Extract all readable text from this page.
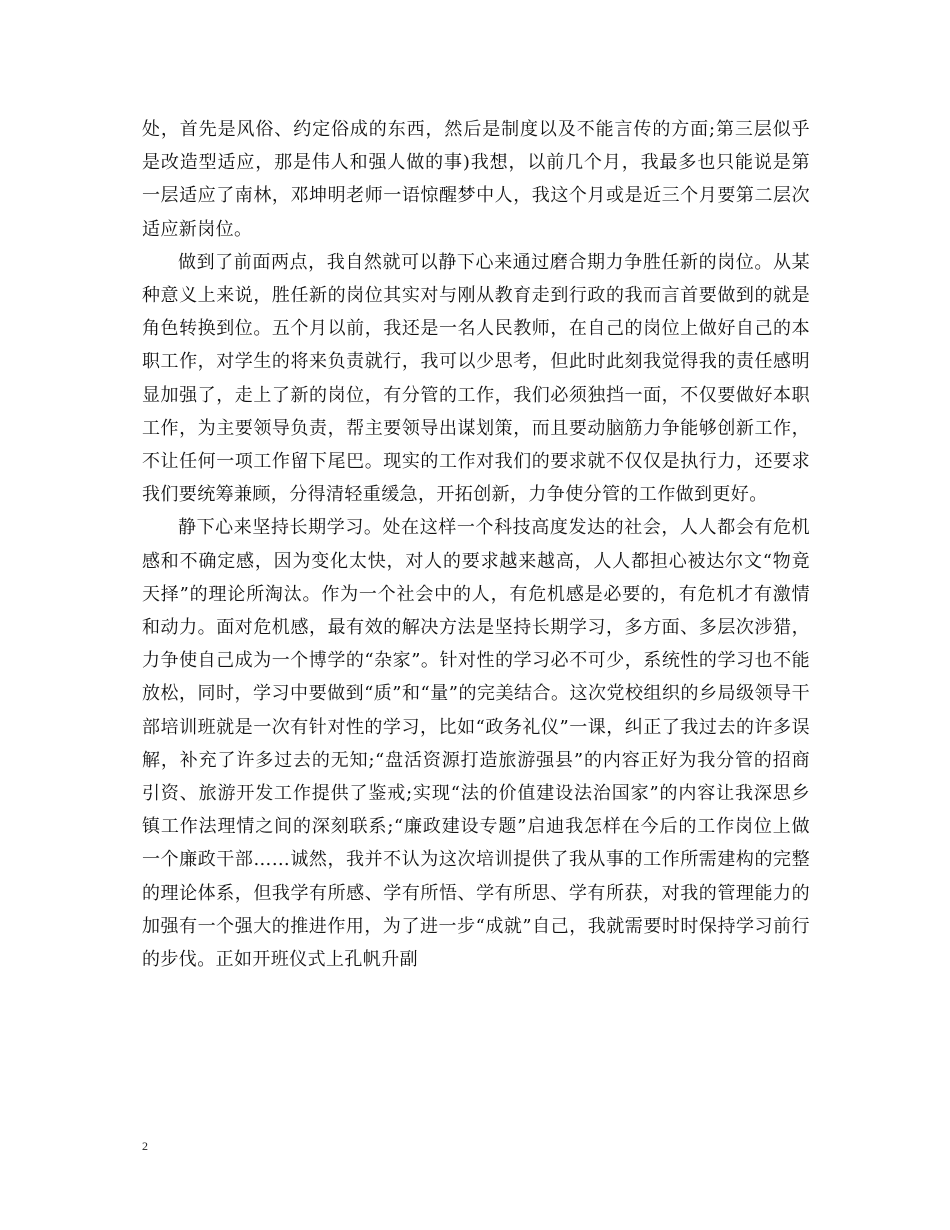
处，首先是风俗、约定俗成的东西，然后是制度以及不能言传的方面;第三层似乎是改造型适应，那是伟人和强人做的事)我想，以前几个月，我最多也只能说是第一层适应了南林，邓坤明老师一语惊醒梦中人，我这个月或是近三个月要第二层次适应新岗位。

做到了前面两点，我自然就可以静下心来通过磨合期力争胜任新的岗位。从某种意义上来说，胜任新的岗位其实对与刚从教育走到行政的我而言首要做到的就是角色转换到位。五个月以前，我还是一名人民教师，在自己的岗位上做好自己的本职工作，对学生的将来负责就行，我可以少思考，但此时此刻我觉得我的责任感明显加强了，走上了新的岗位，有分管的工作，我们必须独挡一面，不仅要做好本职工作，为主要领导负责，帮主要领导出谋划策，而且要动脑筋力争能够创新工作，不让任何一项工作留下尾巴。现实的工作对我们的要求就不仅仅是执行力，还要求我们要统筹兼顾，分得清轻重缓急，开拓创新，力争使分管的工作做到更好。

静下心来坚持长期学习。处在这样一个科技高度发达的社会，人人都会有危机感和不确定感，因为变化太快，对人的要求越来越高，人人都担心被达尔文“物竟天择”的理论所淘汰。作为一个社会中的人，有危机感是必要的，有危机才有激情和动力。面对危机感，最有效的解决方法是坚持长期学习，多方面、多层次涉猎，力争使自己成为一个博学的“杂家”。针对性的学习必不可少，系统性的学习也不能放松，同时，学习中要做到“质”和“量”的完美结合。这次党校组织的乡局级领导干部培训班就是一次有针对性的学习，比如“政务礼仪”一课，纠正了我过去的许多误解，补充了许多过去的无知;“盘活资源打造旅游强县”的内容正好为我分管的招商引资、旅游开发工作提供了鉴戒;实现“法的价值建设法治国家”的内容让我深思乡镇工作法理情之间的深刻联系;“廉政建设专题”启迪我怎样在今后的工作岗位上做一个廉政干部……诚然，我并不认为这次培训提供了我从事的工作所需建构的完整的理论体系，但我学有所感、学有所悟、学有所思、学有所获，对我的管理能力的加强有一个强大的推进作用，为了进一步“成就”自己，我就需要时时保持学习前行的步伐。正如开班仪式上孔帆升副

2
